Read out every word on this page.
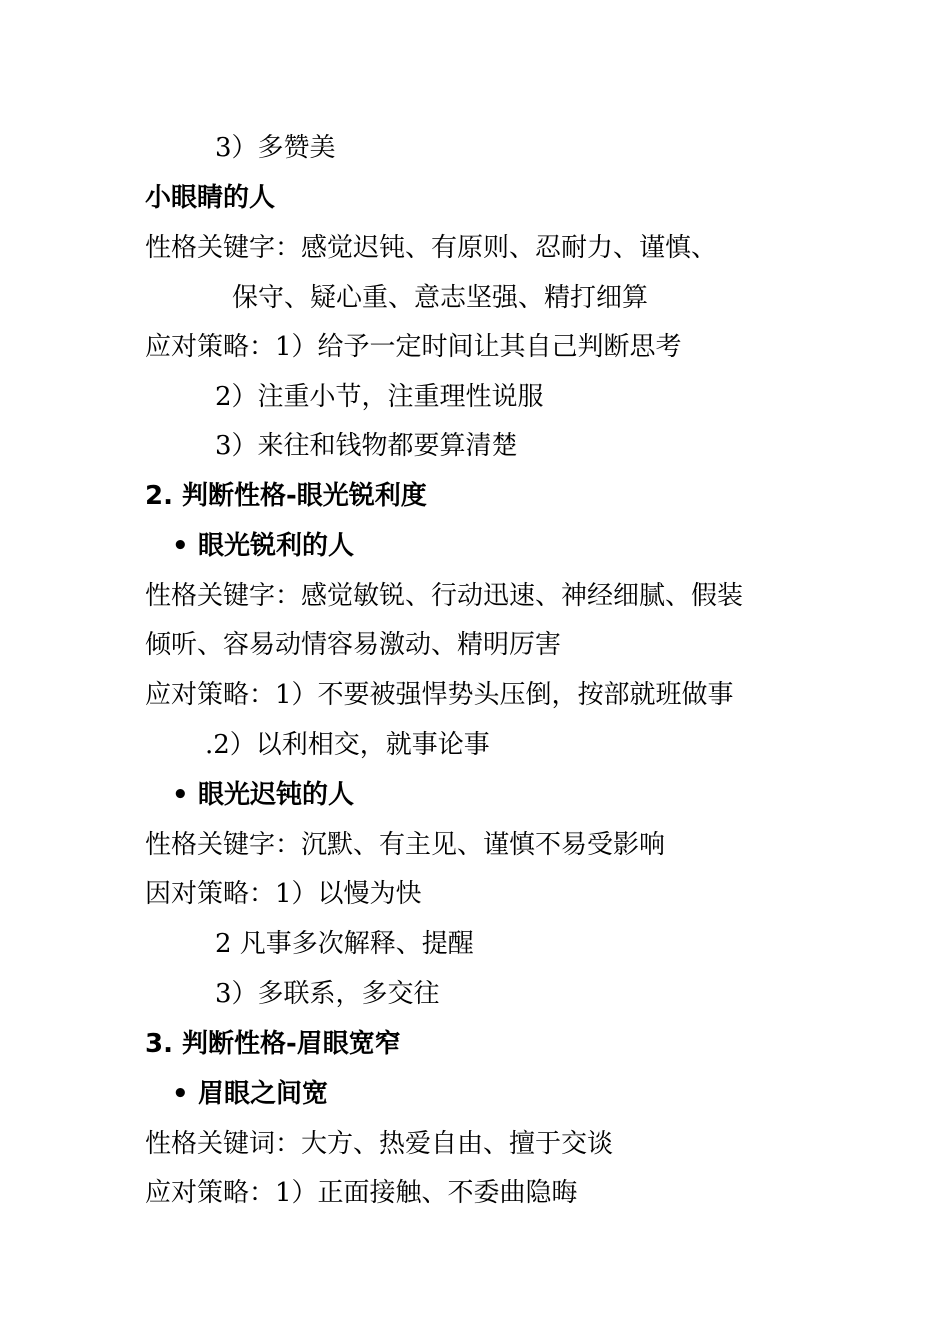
3）多赞美
小眼睛的人
性格关键字：感觉迟钝、有原则、忍耐力、谨慎、
保守、疑心重、意志坚强、精打细算
应对策略：1）给予一定时间让其自己判断思考
2）注重小节，注重理性说服
3）来往和钱物都要算清楚
2. 判断性格-眼光锐利度
• 眼光锐利的人
性格关键字：感觉敏锐、行动迅速、神经细腻、假装
倾听、容易动情容易激动、精明厉害
应对策略：1）不要被强悍势头压倒，按部就班做事
.2）以利相交，就事论事
• 眼光迟钝的人
性格关键字：沉默、有主见、谨慎不易受影响
因对策略：1）以慢为快
2 凡事多次解释、提醒
3）多联系，多交往
3. 判断性格-眉眼宽窄
• 眉眼之间宽
性格关键词：大方、热爱自由、擅于交谈
应对策略：1）正面接触、不委曲隐晦
